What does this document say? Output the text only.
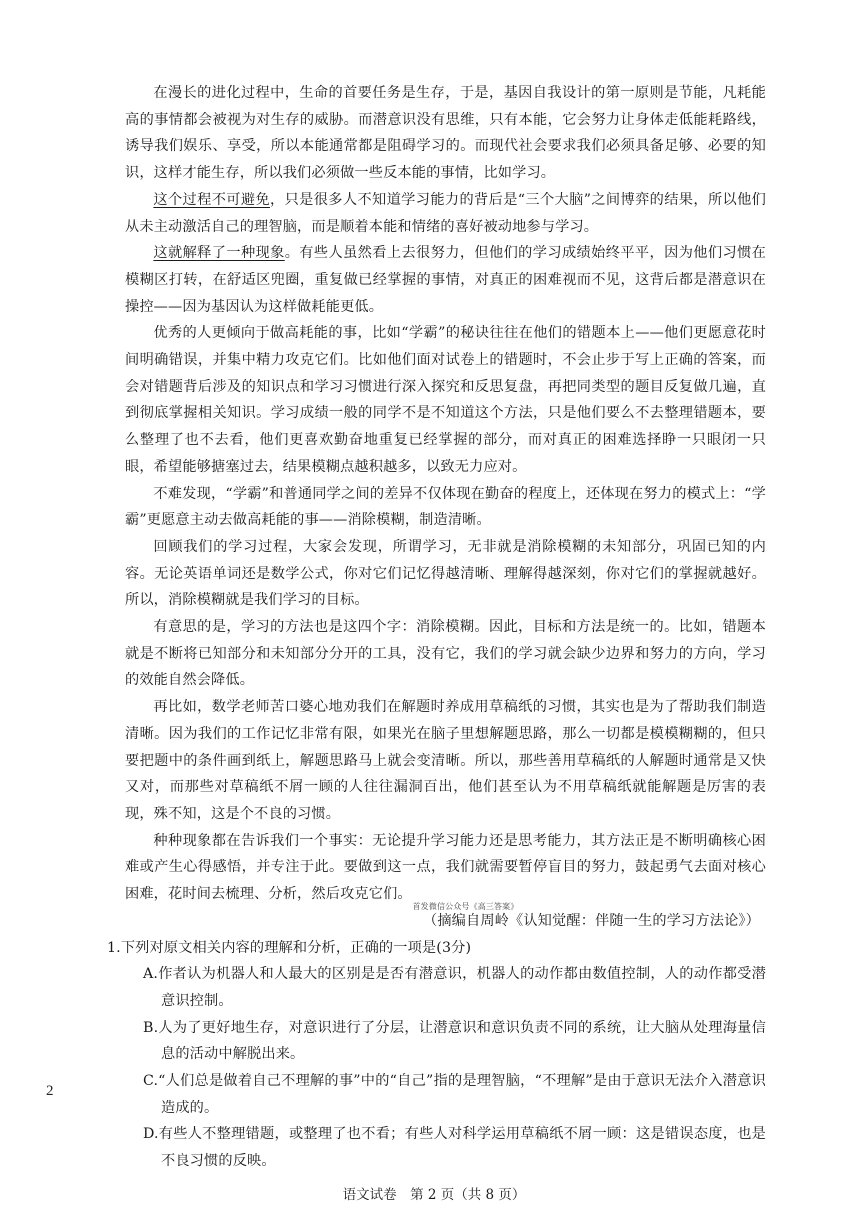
在漫长的进化过程中，生命的首要任务是生存，于是，基因自我设计的第一原则是节能，凡耗能高的事情都会被视为对生存的威胁。而潜意识没有思维，只有本能，它会努力让身体走低能耗路线，诱导我们娱乐、享受，所以本能通常都是阻碍学习的。而现代社会要求我们必须具备足够、必要的知识，这样才能生存，所以我们必须做一些反本能的事情，比如学习。

这个过程不可避免，只是很多人不知道学习能力的背后是“三个大脑”之间博弈的结果，所以他们从未主动激活自己的理智脑，而是顺着本能和情绪的喜好被动地参与学习。

这就解释了一种现象。有些人虽然看上去很努力，但他们的学习成绩始终平平，因为他们习惯在模糊区打转，在舒适区兜圈，重复做已经掌握的事情，对真正的困难视而不见，这背后都是潜意识在操控——因为基因认为这样做耗能更低。

优秀的人更倾向于做高耗能的事，比如“学霸”的秘诀往往在他们的错题本上——他们更愿意花时间明确错误，并集中精力攻克它们。比如他们面对试卷上的错题时，不会止步于写上正确的答案，而会对错题背后涉及的知识点和学习习惯进行深入探究和反思复盘，再把同类型的题目反复做几遍，直到彻底掌握相关知识。学习成绩一般的同学不是不知道这个方法，只是他们要么不去整理错题本，要么整理了也不去看，他们更喜欢勤奋地重复已经掌握的部分，而对真正的困难选择睁一只眼闭一只眼，希望能够搪塞过去，结果模糊点越积越多，以致无力应对。

不难发现，“学霸”和普通同学之间的差异不仅体现在勤奋的程度上，还体现在努力的模式上：“学霸”更愿意主动去做高耗能的事——消除模糊，制造清晰。

回顾我们的学习过程，大家会发现，所谓学习，无非就是消除模糊的未知部分，巩固已知的内容。无论英语单词还是数学公式，你对它们记忆得越清晰、理解得越深刻，你对它们的掌握就越好。所以，消除模糊就是我们学习的目标。

有意思的是，学习的方法也是这四个字：消除模糊。因此，目标和方法是统一的。比如，错题本就是不断将已知部分和未知部分分开的工具，没有它，我们的学习就会缺少边界和努力的方向，学习的效能自然会降低。

再比如，数学老师苦口婆心地劝我们在解题时养成用草稿纸的习惯，其实也是为了帮助我们制造清晰。因为我们的工作记忆非常有限，如果光在脑子里想解题思路，那么一切都是模模糊糊的，但只要把题中的条件画到纸上，解题思路马上就会变清晰。所以，那些善用草稿纸的人解题时通常是又快又对，而那些对草稿纸不屑一顾的人往往漏洞百出，他们甚至认为不用草稿纸就能解题是厉害的表现，殊不知，这是个不良的习惯。

种种现象都在告诉我们一个事实：无论提升学习能力还是思考能力，其方法正是不断明确核心困难或产生心得感悟，并专注于此。要做到这一点，我们就需要暂停盲目的努力，鼓起勇气去面对核心困难，花时间去梳理、分析，然后攻克它们。

首发微信公众号《高三答案》

（摘编自周岭《认知觉醒：伴随一生的学习方法论》）

1.下列对原文相关内容的理解和分析，正确的一项是(3分)

A.作者认为机器人和人最大的区别是是否有潜意识，机器人的动作都由数值控制，人的动作都受潜意识控制。

B.人为了更好地生存，对意识进行了分层，让潜意识和意识负责不同的系统，让大脑从处理海量信息的活动中解脱出来。

C.“人们总是做着自己不理解的事”中的“自己”指的是理智脑，“不理解”是由于意识无法介入潜意识造成的。

D.有些人不整理错题，或整理了也不看；有些人对科学运用草稿纸不屑一顾：这是错误态度，也是不良习惯的反映。

2
语文试卷　第 2 页（共 8 页）
